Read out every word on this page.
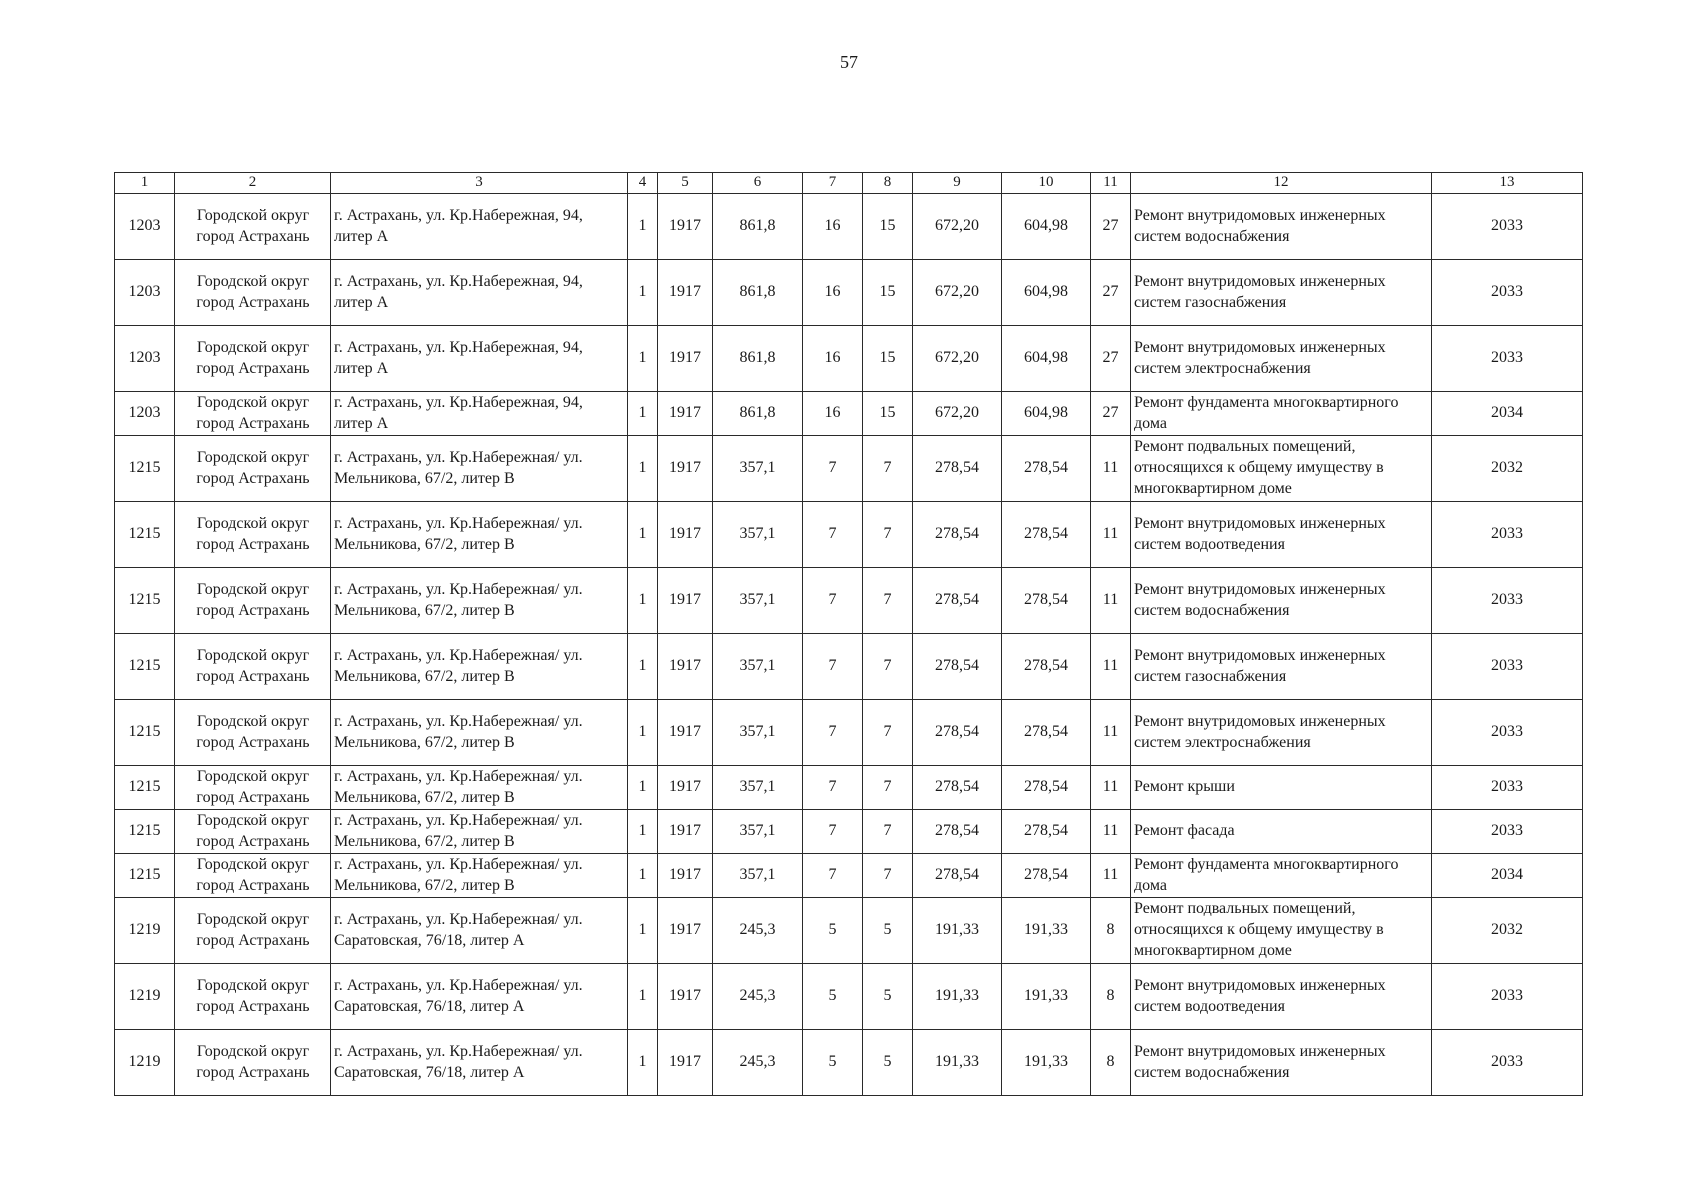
57
1	2	3	4	5	6	7	8	9	10	11	12	13
1203	Городской округ город Астрахань	г. Астрахань, ул. Кр.Набережная, 94, литер А	1	1917	861,8	16	15	672,20	604,98	27	Ремонт внутридомовых инженерных систем водоснабжения	2033
1203	Городской округ город Астрахань	г. Астрахань, ул. Кр.Набережная, 94, литер А	1	1917	861,8	16	15	672,20	604,98	27	Ремонт внутридомовых инженерных систем газоснабжения	2033
1203	Городской округ город Астрахань	г. Астрахань, ул. Кр.Набережная, 94, литер А	1	1917	861,8	16	15	672,20	604,98	27	Ремонт внутридомовых инженерных систем электроснабжения	2033
1203	Городской округ город Астрахань	г. Астрахань, ул. Кр.Набережная, 94, литер А	1	1917	861,8	16	15	672,20	604,98	27	Ремонт фундамента многоквартирного дома	2034
1215	Городской округ город Астрахань	г. Астрахань, ул. Кр.Набережная/ ул. Мельникова, 67/2, литер В	1	1917	357,1	7	7	278,54	278,54	11	Ремонт подвальных помещений, относящихся к общему имуществу в многоквартирном доме	2032
1215	Городской округ город Астрахань	г. Астрахань, ул. Кр.Набережная/ ул. Мельникова, 67/2, литер В	1	1917	357,1	7	7	278,54	278,54	11	Ремонт внутридомовых инженерных систем водоотведения	2033
1215	Городской округ город Астрахань	г. Астрахань, ул. Кр.Набережная/ ул. Мельникова, 67/2, литер В	1	1917	357,1	7	7	278,54	278,54	11	Ремонт внутридомовых инженерных систем водоснабжения	2033
1215	Городской округ город Астрахань	г. Астрахань, ул. Кр.Набережная/ ул. Мельникова, 67/2, литер В	1	1917	357,1	7	7	278,54	278,54	11	Ремонт внутридомовых инженерных систем газоснабжения	2033
1215	Городской округ город Астрахань	г. Астрахань, ул. Кр.Набережная/ ул. Мельникова, 67/2, литер В	1	1917	357,1	7	7	278,54	278,54	11	Ремонт внутридомовых инженерных систем электроснабжения	2033
1215	Городской округ город Астрахань	г. Астрахань, ул. Кр.Набережная/ ул. Мельникова, 67/2, литер В	1	1917	357,1	7	7	278,54	278,54	11	Ремонт крыши	2033
1215	Городской округ город Астрахань	г. Астрахань, ул. Кр.Набережная/ ул. Мельникова, 67/2, литер В	1	1917	357,1	7	7	278,54	278,54	11	Ремонт фасада	2033
1215	Городской округ город Астрахань	г. Астрахань, ул. Кр.Набережная/ ул. Мельникова, 67/2, литер В	1	1917	357,1	7	7	278,54	278,54	11	Ремонт фундамента многоквартирного дома	2034
1219	Городской округ город Астрахань	г. Астрахань, ул. Кр.Набережная/ ул. Саратовская, 76/18, литер А	1	1917	245,3	5	5	191,33	191,33	8	Ремонт подвальных помещений, относящихся к общему имуществу в многоквартирном доме	2032
1219	Городской округ город Астрахань	г. Астрахань, ул. Кр.Набережная/ ул. Саратовская, 76/18, литер А	1	1917	245,3	5	5	191,33	191,33	8	Ремонт внутридомовых инженерных систем водоотведения	2033
1219	Городской округ город Астрахань	г. Астрахань, ул. Кр.Набережная/ ул. Саратовская, 76/18, литер А	1	1917	245,3	5	5	191,33	191,33	8	Ремонт внутридомовых инженерных систем водоснабжения	2033
